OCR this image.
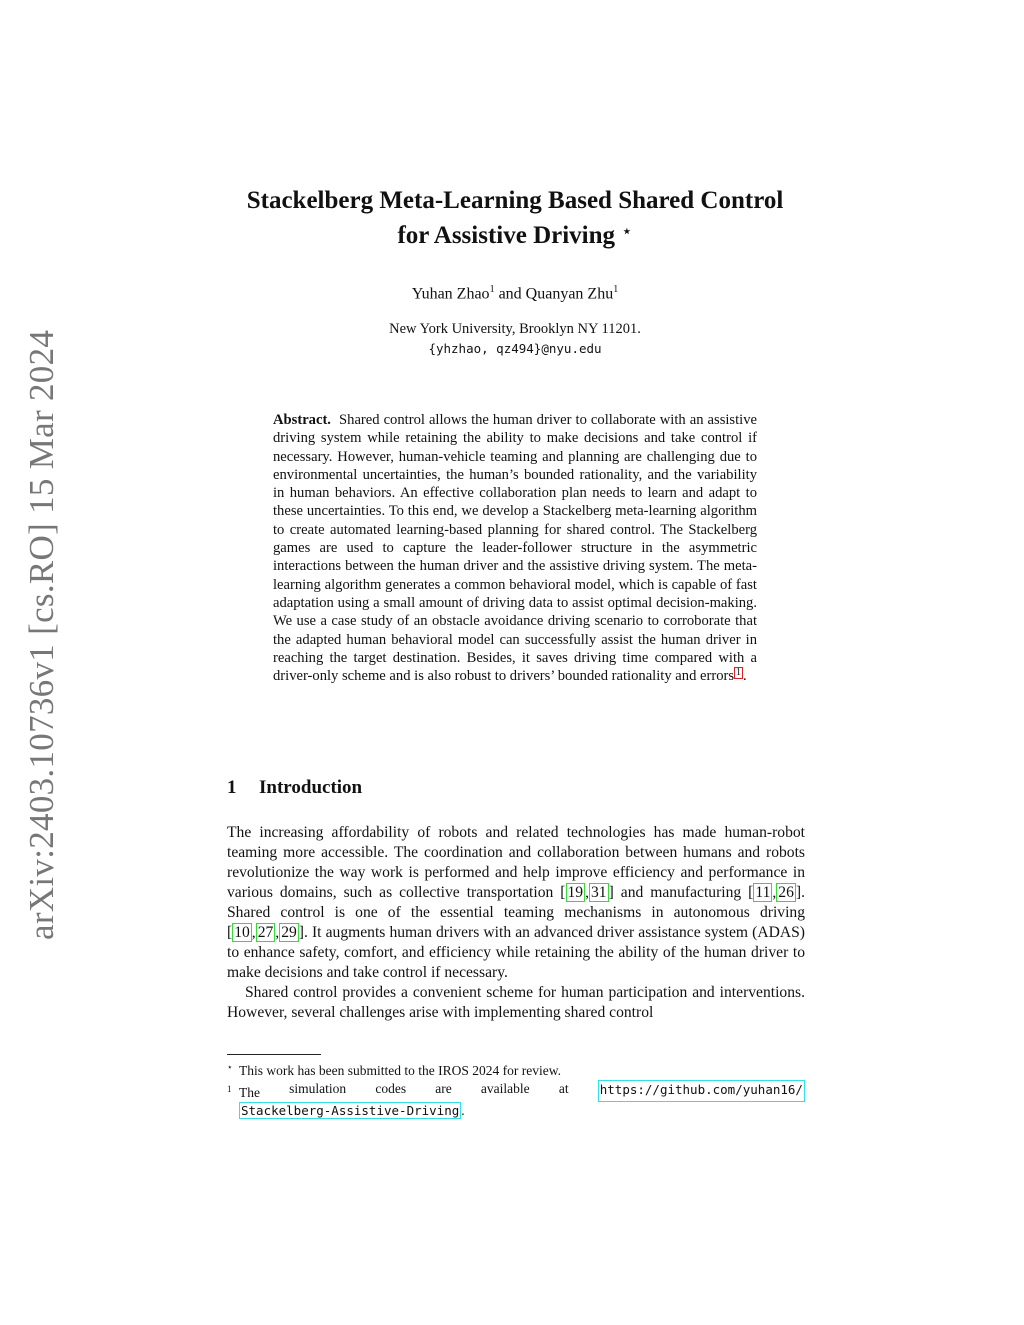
arXiv:2403.10736v1 [cs.RO] 15 Mar 2024
Stackelberg Meta-Learning Based Shared Control
for Assistive Driving ⋆
Yuhan Zhao$^1$ and Quanyan Zhu$^1$
New York University, Brooklyn NY 11201.
{yhzhao, qz494}@nyu.edu

Abstract. Shared control allows the human driver to collaborate with an assistive driving system while retaining the ability to make decisions and take control if necessary. However, human-vehicle teaming and planning are challenging due to environmental uncertainties, the human’s bounded rationality, and the variability in human behaviors. An effective collaboration plan needs to learn and adapt to these uncertainties. To this end, we develop a Stackelberg meta-learning algorithm to create automated learning-based planning for shared control. The Stackelberg games are used to capture the leader-follower structure in the asymmetric interactions between the human driver and the assistive driving system. The meta-learning algorithm generates a common behavioral model, which is capable of fast adaptation using a small amount of driving data to assist optimal decision-making. We use a case study of an obstacle avoidance driving scenario to corroborate that the adapted human behavioral model can successfully assist the human driver in reaching the target destination. Besides, it saves driving time compared with a driver-only scheme and is also robust to drivers’ bounded rationality and errors 1 .

1 Introduction

The increasing affordability of robots and related technologies has made human-robot teaming more accessible. The coordination and collaboration between humans and robots revolutionize the way work is performed and help improve efficiency and performance in various domains, such as collective transportation [ 19 , 31 ] and manufacturing [ 11 , 26 ]. Shared control is one of the essential teaming mechanisms in autonomous driving [ 10 , 27 , 29 ]. It augments human drivers with an advanced driver assistance system (ADAS) to enhance safety, comfort, and efficiency while retaining the ability of the human driver to make decisions and take control if necessary.

Shared control provides a convenient scheme for human participation and interventions. However, several challenges arise with implementing shared control

⋆ This work has been submitted to the IROS 2024 for review.

1 The simulation codes are available at https://github.com/yuhan16/
Stackelberg-Assistive-Driving .
